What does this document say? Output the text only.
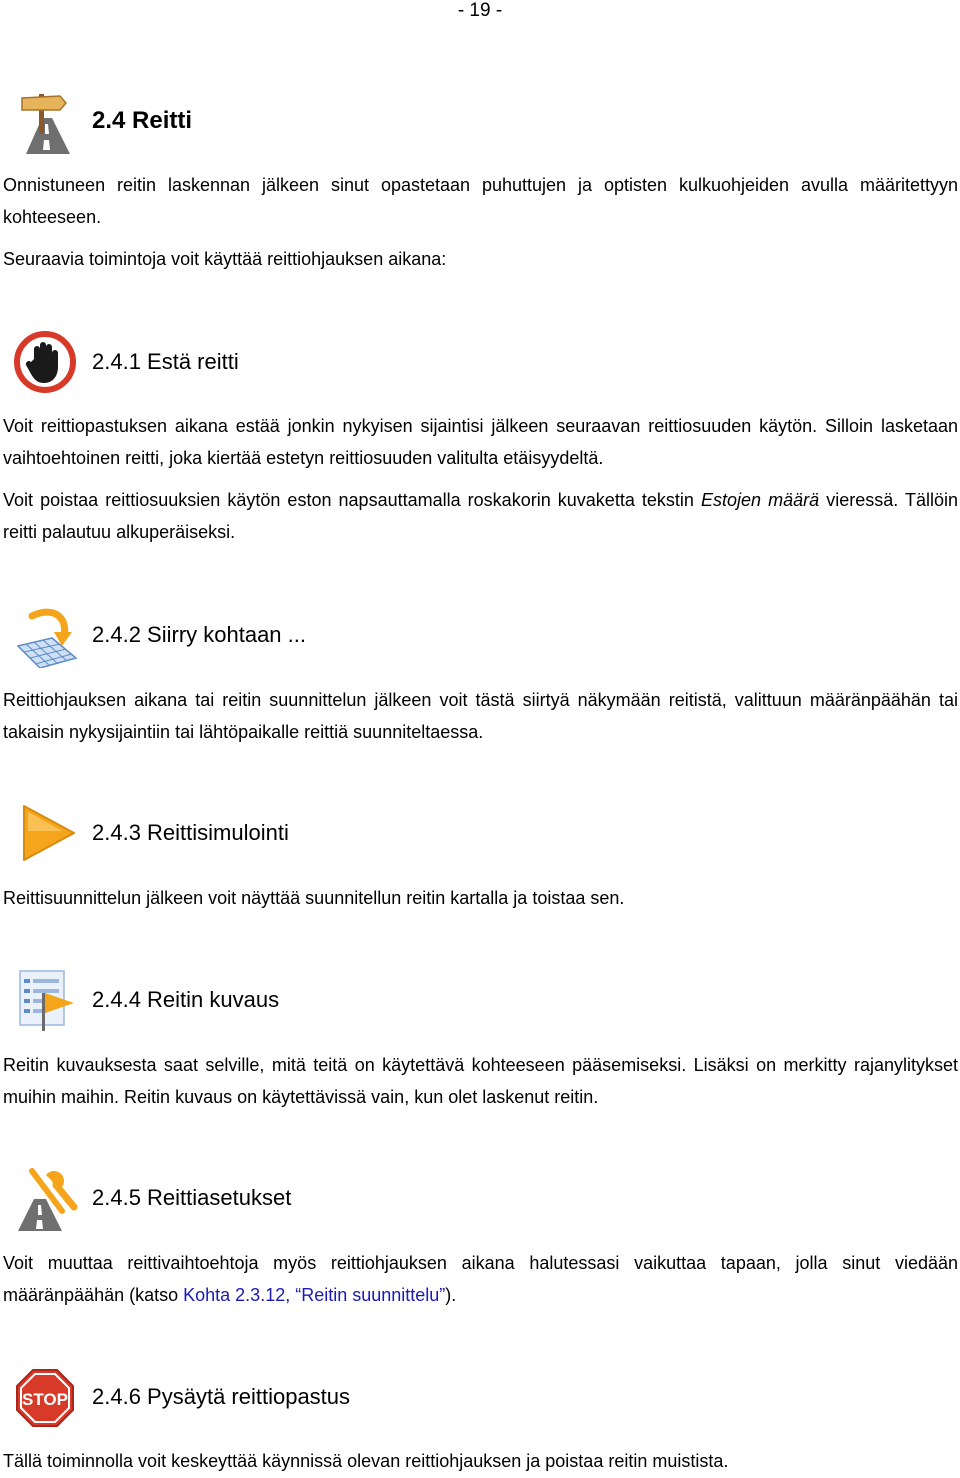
- 19 -
2.4 Reitti

Onnistuneen reitin laskennan jälkeen sinut opastetaan puhuttujen ja optisten kulkuohjeiden avulla määritettyyn kohteeseen.

Seuraavia toimintoja voit käyttää reittiohjauksen aikana:

2.4.1 Estä reitti

Voit reittiopastuksen aikana estää jonkin nykyisen sijaintisi jälkeen seuraavan reittiosuuden käytön. Silloin lasketaan vaihtoehtoinen reitti, joka kiertää estetyn reittiosuuden valitulta etäisyydeltä.

Voit poistaa reittiosuuksien käytön eston napsauttamalla roskakorin kuvaketta tekstin Estojen määrä vieressä. Tällöin reitti palautuu alkuperäiseksi.

2.4.2 Siirry kohtaan ...

Reittiohjauksen aikana tai reitin suunnittelun jälkeen voit tästä siirtyä näkymään reitistä, valittuun määränpäähän tai takaisin nykysijaintiin tai lähtöpaikalle reittiä suunniteltaessa.

2.4.3 Reittisimulointi

Reittisuunnittelun jälkeen voit näyttää suunnitellun reitin kartalla ja toistaa sen.

2.4.4 Reitin kuvaus

Reitin kuvauksesta saat selville, mitä teitä on käytettävä kohteeseen pääsemiseksi. Lisäksi on merkitty rajanylitykset muihin maihin. Reitin kuvaus on käytettävissä vain, kun olet laskenut reitin.

2.4.5 Reittiasetukset

Voit muuttaa reittivaihtoehtoja myös reittiohjauksen aikana halutessasi vaikuttaa tapaan, jolla sinut viedään määränpäähän (katso Kohta 2.3.12, “Reitin suunnittelu”).

STOP 2.4.6 Pysäytä reittiopastus

Tällä toiminnolla voit keskeyttää käynnissä olevan reittiohjauksen ja poistaa reitin muistista.
